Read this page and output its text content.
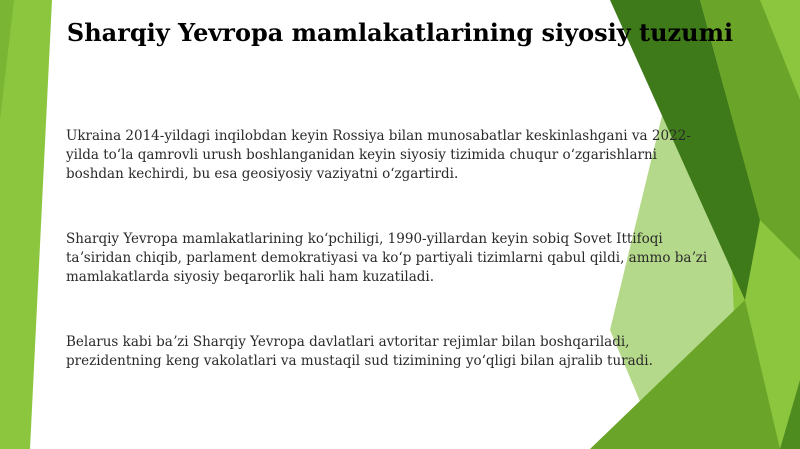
Sharqiy Yevropa mamlakatlarining siyosiy tuzumi
Ukraina 2014-yildagi inqilobdan keyin Rossiya bilan munosabatlar keskinlashgani va 2022-
yilda toʻla qamrovli urush boshlanganidan keyin siyosiy tizimida chuqur oʻzgarishlarni
boshdan kechirdi, bu esa geosiyosiy vaziyatni oʻzgartirdi.
Sharqiy Yevropa mamlakatlarining koʻpchiligi, 1990-yillardan keyin sobiq Sovet Ittifoqi
taʼsiridan chiqib, parlament demokratiyasi va koʻp partiyali tizimlarni qabul qildi, ammo baʼzi
mamlakatlarda siyosiy beqarorlik hali ham kuzatiladi.
Belarus kabi baʼzi Sharqiy Yevropa davlatlari avtoritar rejimlar bilan boshqariladi,
prezidentning keng vakolatlari va mustaqil sud tizimining yoʻqligi bilan ajralib turadi.
